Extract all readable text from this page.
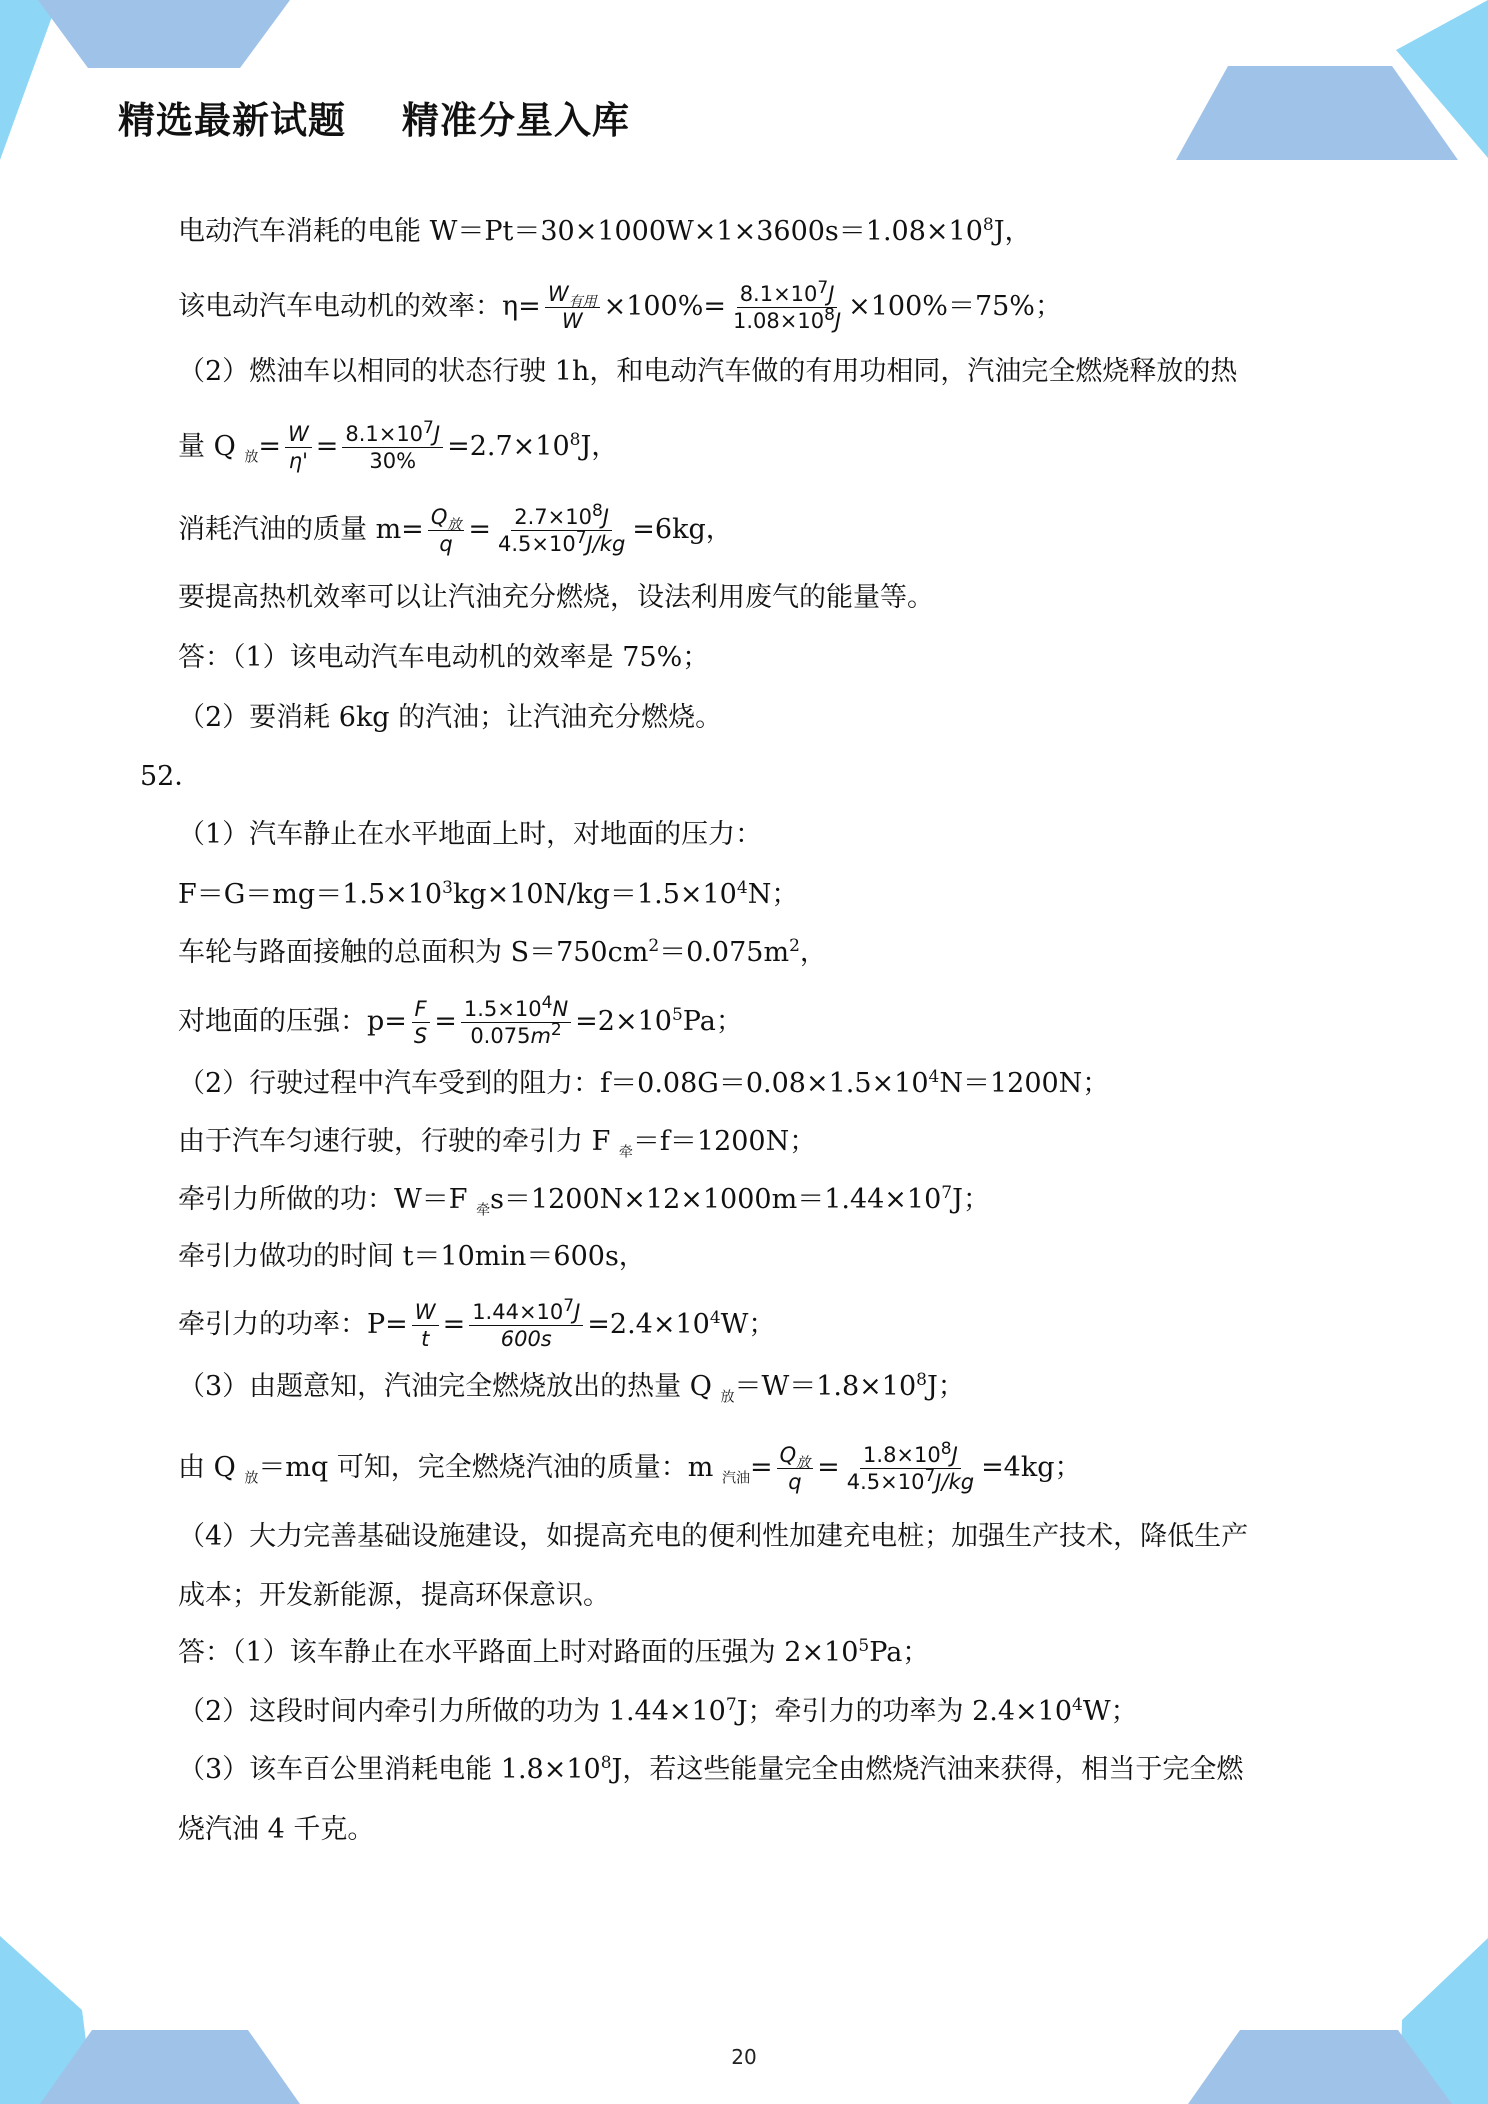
精选最新试题 精准分星入库
电动汽车消耗的电能 $W=Pt=30\times 1000W\times 1\times 3600s=1.08\times 10^8J$，
该电动汽车电动机的效率：$\eta= \frac{W_{有用}}{W} \times 100\%= \frac{8.1\times 10^7J}{1.08\times 10^8J} \times 100\%=75\%$；
（2）燃油车以相同的状态行驶 1h，和电动汽车做的有用功相同，汽油完全燃烧释放的热
量 Q $_放= \frac{W}{\eta'} = \frac{8.1\times 10^7J}{30\%} =2.7\times 10^8J$，
消耗汽油的质量 $m= \frac{Q_放}{q} = \frac{2.7\times 10^8J}{4.5\times 10^7J/kg} =6kg$，
要提高热机效率可以让汽油充分燃烧，设法利用废气的能量等。
答：（1）该电动汽车电动机的效率是 75%；
（2）要消耗 6kg 的汽油；让汽油充分燃烧。
52．
（1）汽车静止在水平地面上时，对地面的压力：
$F=G=mg=1.5\times 10^3kg\times 10N/kg=1.5\times 10^4N$；
车轮与路面接触的总面积为 $S=750cm^2=0.075m^2$，
对地面的压强：$p= \frac{F}{S} = \frac{1.5\times 10^4N}{0.075m^2} =2\times 10^5Pa$；
（2）行驶过程中汽车受到的阻力：$f=0.08G=0.08\times 1.5\times 10^4N=1200N$；
由于汽车匀速行驶，行驶的牵引力 F $_牵$＝f＝1200N；
牵引力所做的功：W＝F $_牵s=1200N\times 12\times 1000m=1.44\times 10^7J$；
牵引力做功的时间 t＝10min＝600s，
牵引力的功率：$P= \frac{W}{t} = \frac{1.44\times 10^7J}{600s} =2.4\times 10^4W$；
（3）由题意知，汽油完全燃烧放出的热量 Q $_放=W=1.8\times 10^8J$；
由 Q $_放$＝mq 可知，完全燃烧汽油的质量：m $_{汽油}= \frac{Q_放}{q} = \frac{1.8\times 10^8J}{4.5\times 10^7J/kg} =4kg$；
（4）大力完善基础设施建设，如提高充电的便利性加建充电桩；加强生产技术，降低生产
成本；开发新能源，提高环保意识。
答：（1）该车静止在水平路面上时对路面的压强为 $2\times 10^5Pa$；
（2）这段时间内牵引力所做的功为 $1.44\times 10^7J$；牵引力的功率为 $2.4\times 10^4W$；
（3）该车百公里消耗电能 $1.8\times 10^8J$，若这些能量完全由燃烧汽油来获得，相当于完全燃
烧汽油 4 千克。
20
